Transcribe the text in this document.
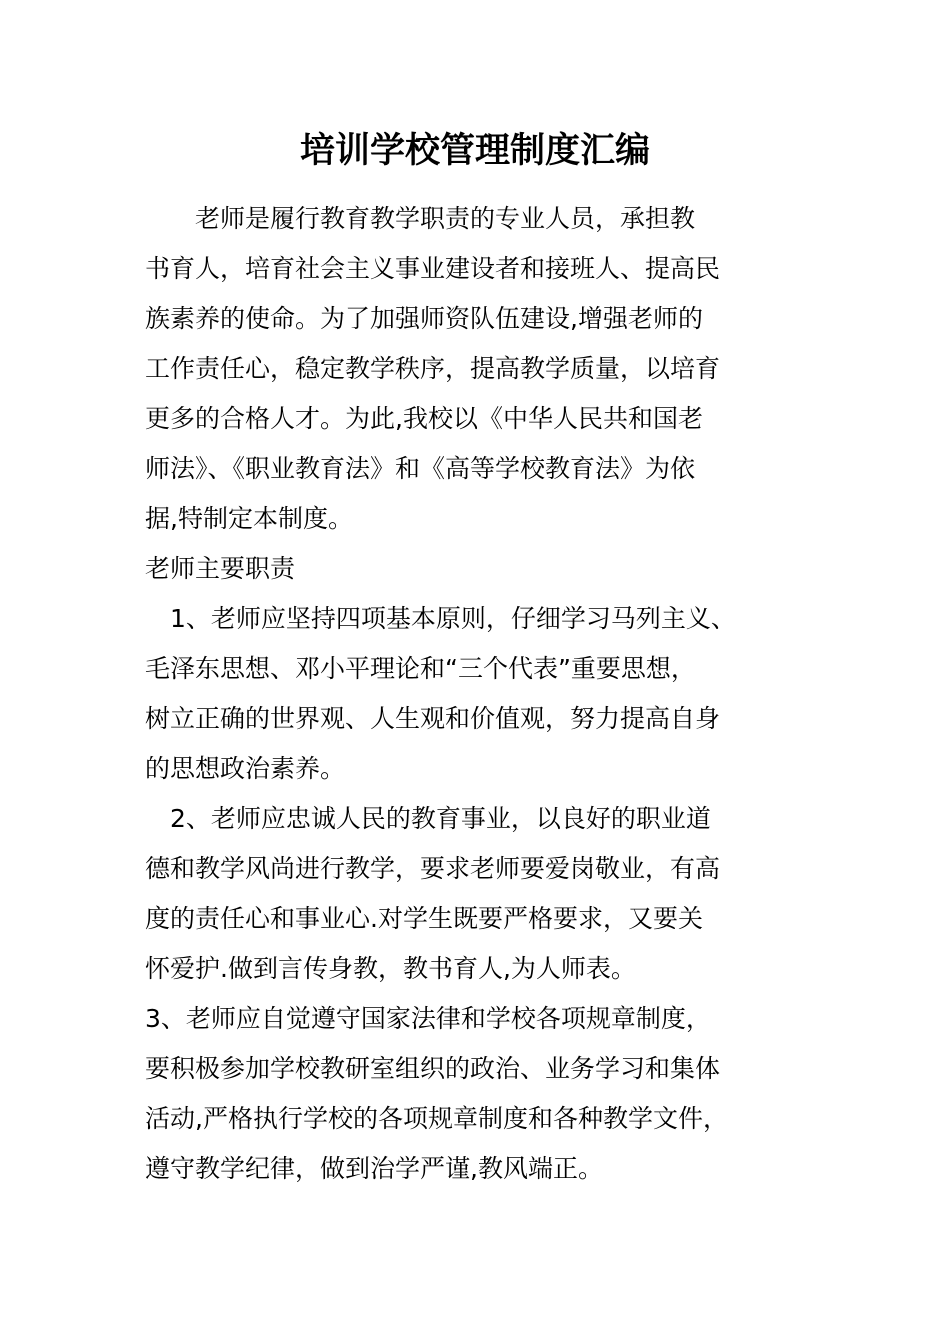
培训学校管理制度汇编
　　老师是履行教育教学职责的专业人员，承担教
书育人，培育社会主义事业建设者和接班人、提高民
族素养的使命。为了加强师资队伍建设,增强老师的
工作责任心，稳定教学秩序，提高教学质量，以培育
更多的合格人才。为此,我校以《中华人民共和国老
师法》、《职业教育法》和《高等学校教育法》为依
据,特制定本制度。
老师主要职责
　1、老师应坚持四项基本原则，仔细学习马列主义、
毛泽东思想、邓小平理论和“三个代表”重要思想，
树立正确的世界观、人生观和价值观，努力提高自身
的思想政治素养。
　2、老师应忠诚人民的教育事业，以良好的职业道
德和教学风尚进行教学，要求老师要爱岗敬业，有高
度的责任心和事业心.对学生既要严格要求，又要关
怀爱护.做到言传身教，教书育人,为人师表。
3、老师应自觉遵守国家法律和学校各项规章制度，
要积极参加学校教研室组织的政治、业务学习和集体
活动,严格执行学校的各项规章制度和各种教学文件，
遵守教学纪律，做到治学严谨,教风端正。
